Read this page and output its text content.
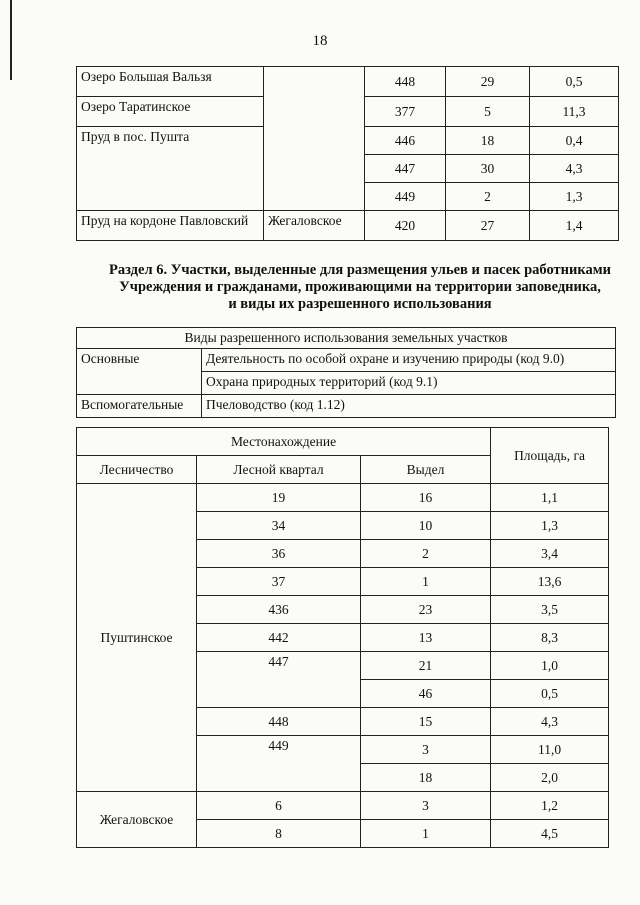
18
Озеро Большая Вальзя		448	29	0,5
Озеро Таратинское		377	5	11,3
Пруд в пос. Пушта		446	18	0,4
		447	30	4,3
		449	2	1,3
Пруд на кордоне Павловский	Жегаловское	420	27	1,4
Раздел 6. Участки, выделенные для размещения ульев и пасек работниками
Учреждения и гражданами, проживающими на территории заповедника,
и виды их разрешенного использования
Виды разрешенного использования земельных участков	
Основные	Деятельность по особой охране и изучению природы (код 9.0)
	Охрана природных территорий (код 9.1)
Вспомогательные	Пчеловодство (код 1.12)
Местонахождение			Площадь, га
Лесничество	Лесной квартал	Выдел	
Пуштинское	19	16	1,1
	34	10	1,3
	36	2	3,4
	37	1	13,6
	436	23	3,5
	442	13	8,3
	447	21	1,0
		46	0,5
	448	15	4,3
	449	3	11,0
		18	2,0
Жегаловское	6	3	1,2
	8	1	4,5
